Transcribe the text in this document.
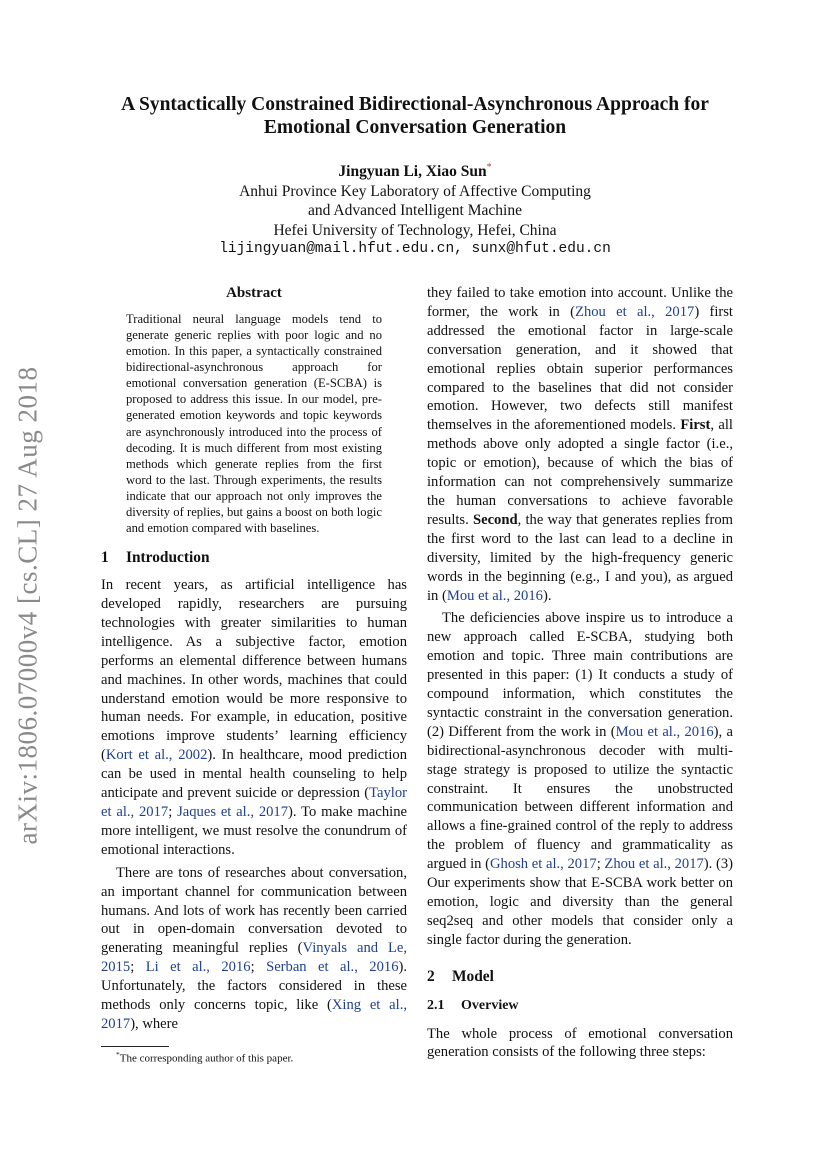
arXiv:1806.07000v4 [cs.CL] 27 Aug 2018
A Syntactically Constrained Bidirectional-Asynchronous Approach for
Emotional Conversation Generation
Jingyuan Li, Xiao Sun*
Anhui Province Key Laboratory of Affective Computing
and Advanced Intelligent Machine
Hefei University of Technology, Hefei, China
lijingyuan@mail.hfut.edu.cn, sunx@hfut.edu.cn
Abstract

Traditional neural language models tend to generate generic replies with poor logic and no emotion. In this paper, a syntactically constrained bidirectional-asynchronous approach for emotional conversation generation (E-SCBA) is proposed to address this issue. In our model, pre-generated emotion keywords and topic keywords are asynchronously introduced into the process of decoding. It is much different from most existing methods which generate replies from the first word to the last. Through experiments, the results indicate that our approach not only improves the diversity of replies, but gains a boost on both logic and emotion compared with baselines.

1 Introduction

In recent years, as artificial intelligence has developed rapidly, researchers are pursuing technologies with greater similarities to human intelligence. As a subjective factor, emotion performs an elemental difference between humans and machines. In other words, machines that could understand emotion would be more responsive to human needs. For example, in education, positive emotions improve students’ learning efficiency (Kort et al., 2002). In healthcare, mood prediction can be used in mental health counseling to help anticipate and prevent suicide or depression (Taylor et al., 2017; Jaques et al., 2017). To make machine more intelligent, we must resolve the conundrum of emotional interactions.

There are tons of researches about conversation, an important channel for communication between humans. And lots of work has recently been carried out in open-domain conversation devoted to generating meaningful replies (Vinyals and Le, 2015; Li et al., 2016; Serban et al., 2016). Unfortunately, the factors considered in these methods only concerns topic, like (Xing et al., 2017), where

they failed to take emotion into account. Unlike the former, the work in (Zhou et al., 2017) first addressed the emotional factor in large-scale conversation generation, and it showed that emotional replies obtain superior performances compared to the baselines that did not consider emotion. However, two defects still manifest themselves in the aforementioned models. First, all methods above only adopted a single factor (i.e., topic or emotion), because of which the bias of information can not comprehensively summarize the human conversations to achieve favorable results. Second, the way that generates replies from the first word to the last can lead to a decline in diversity, limited by the high-frequency generic words in the beginning (e.g., I and you), as argued in (Mou et al., 2016).

The deficiencies above inspire us to introduce a new approach called E-SCBA, studying both emotion and topic. Three main contributions are presented in this paper: (1) It conducts a study of compound information, which constitutes the syntactic constraint in the conversation generation. (2) Different from the work in (Mou et al., 2016), a bidirectional-asynchronous decoder with multi-stage strategy is proposed to utilize the syntactic constraint. It ensures the unobstructed communication between different information and allows a fine-grained control of the reply to address the problem of fluency and grammaticality as argued in (Ghosh et al., 2017; Zhou et al., 2017). (3) Our experiments show that E-SCBA work better on emotion, logic and diversity than the general seq2seq and other models that consider only a single factor during the generation.

2 Model
2.1 Overview

The whole process of emotional conversation generation consists of the following three steps:

*The corresponding author of this paper.
